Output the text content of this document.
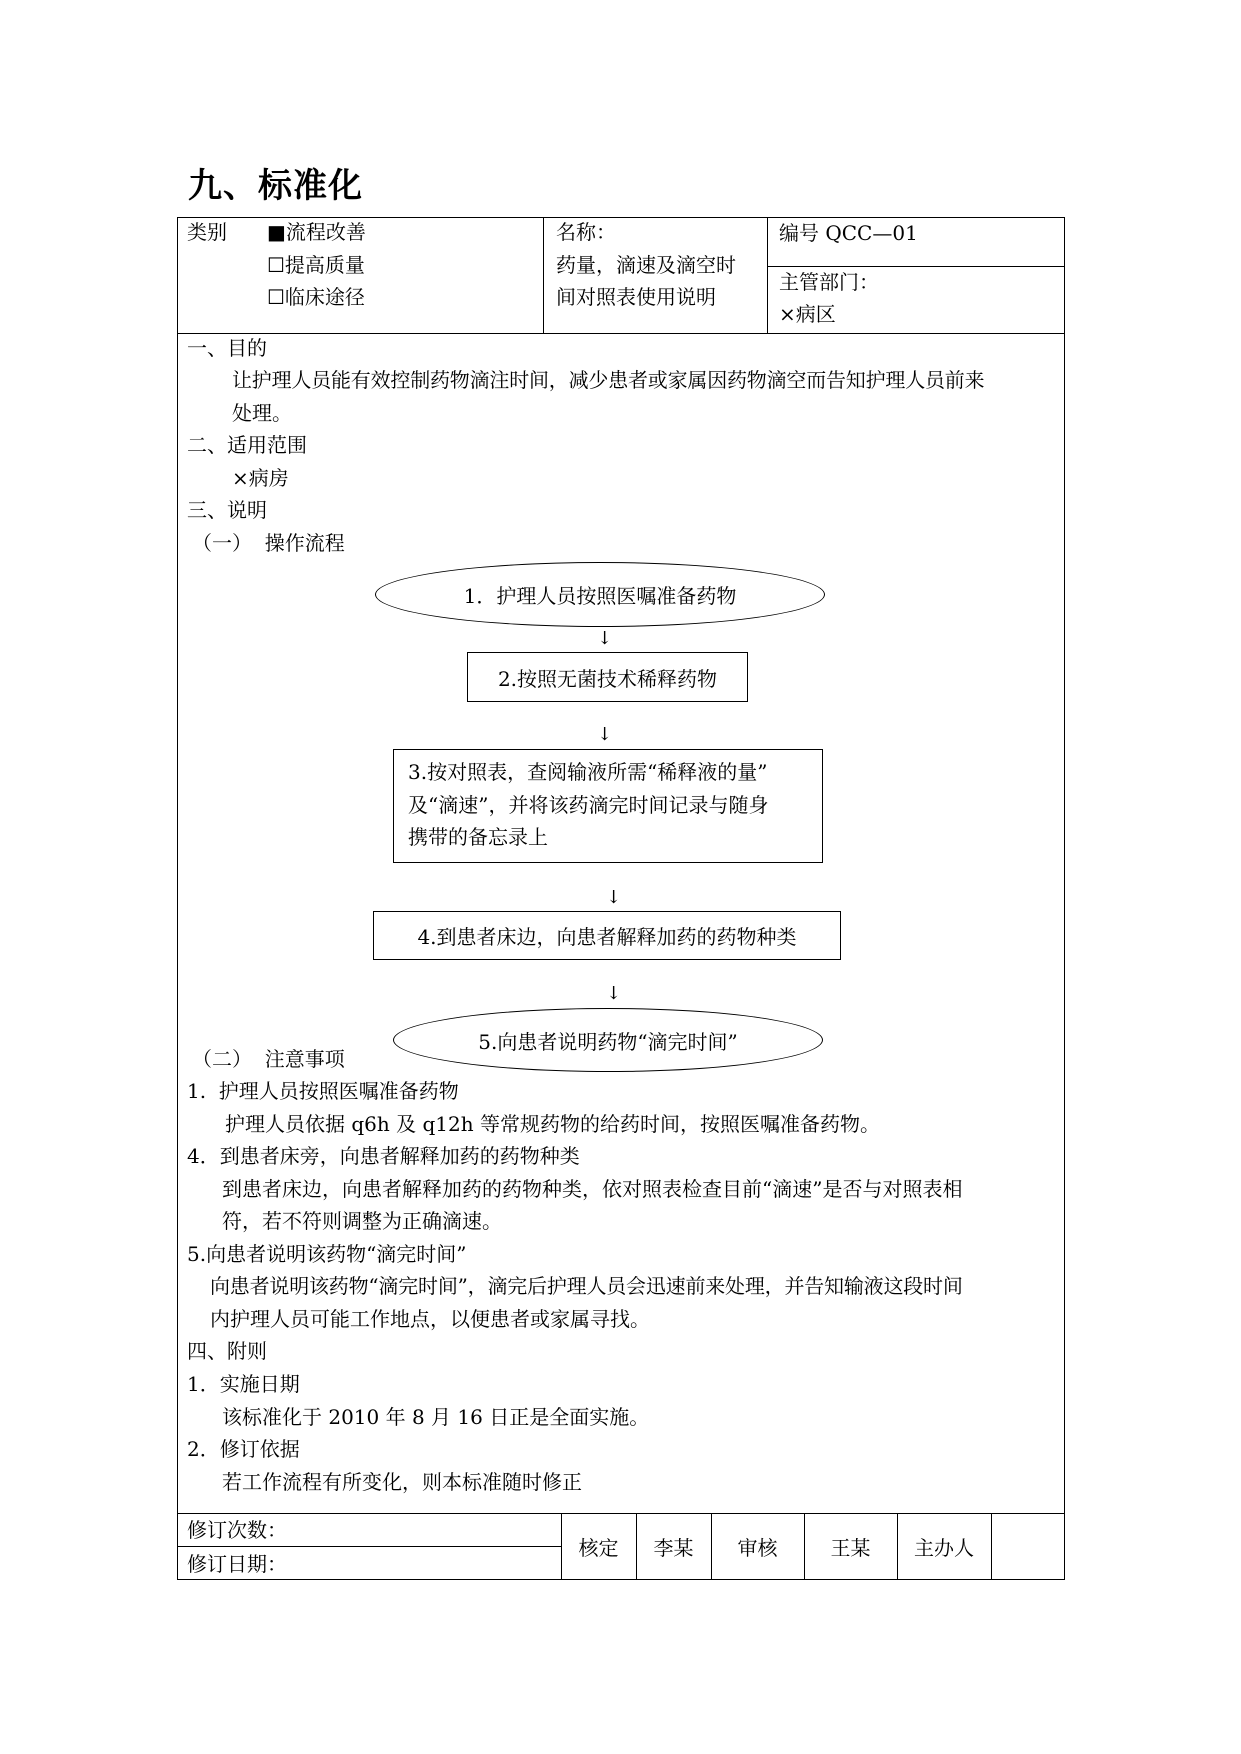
九、标准化
类别 ■流程改善
☐提高质量
☐临床途径
名称：
药量，滴速及滴空时
间对照表使用说明
编号 QCC—01
主管部门：
×病区
一、目的
让护理人员能有效控制药物滴注时间，减少患者或家属因药物滴空而告知护理人员前来
处理。
二、适用范围
×病房
三、说明
（一）  操作流程
1．护理人员按照医嘱准备药物
↓
2.按照无菌技术稀释药物
↓
3.按对照表，查阅输液所需“稀释液的量”
及“滴速”，并将该药滴完时间记录与随身
携带的备忘录上
↓
4.到患者床边，向患者解释加药的药物种类
↓
5.向患者说明药物“滴完时间”
（二）  注意事项
1.  护理人员按照医嘱准备药物
护理人员依据 q6h 及 q12h 等常规药物的给药时间，按照医嘱准备药物。
4．到患者床旁，向患者解释加药的药物种类
到患者床边，向患者解释加药的药物种类，依对照表检查目前“滴速”是否与对照表相
符，若不符则调整为正确滴速。
5.向患者说明该药物“滴完时间”
向患者说明该药物“滴完时间”，滴完后护理人员会迅速前来处理，并告知输液这段时间
内护理人员可能工作地点，以便患者或家属寻找。
四、附则
1．实施日期
该标准化于 2010 年 8 月 16 日正是全面实施。
2．修订依据
若工作流程有所变化，则本标准随时修正
修订次数：
修订日期：
核定 李某 审核	王某 主办人
